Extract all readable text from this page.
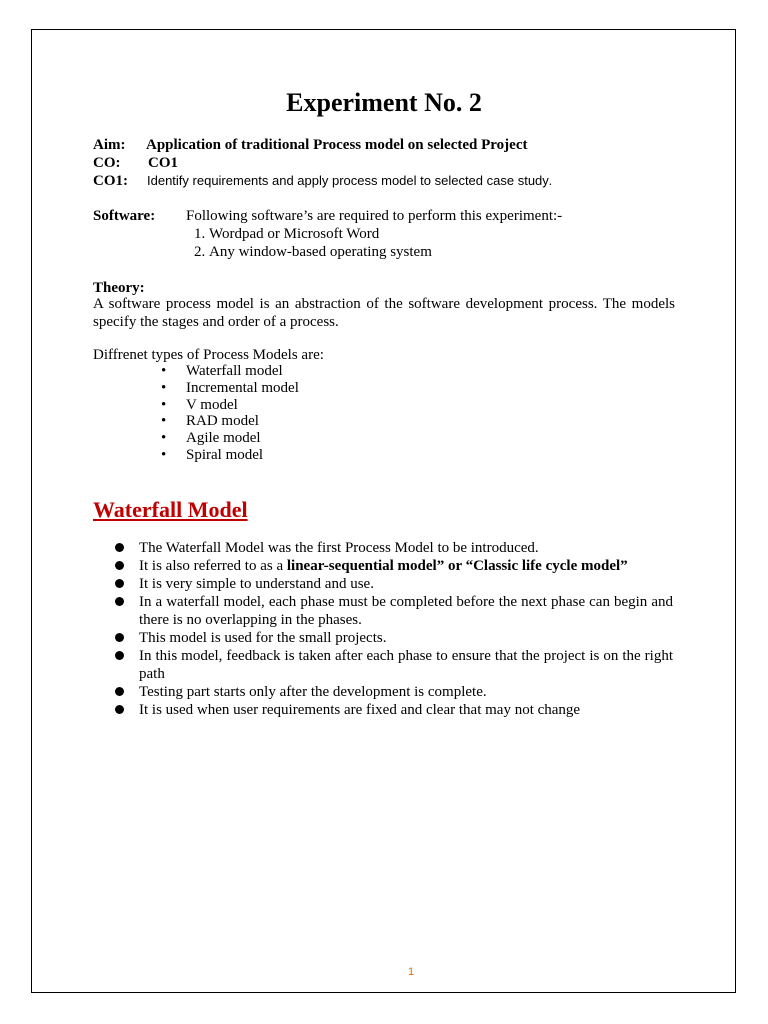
Experiment No. 2
Aim: Application of traditional Process model on selected Project
CO: CO1
CO1: Identify requirements and apply process model to selected case study.
Software: Following software’s are required to perform this experiment:-
1. Wordpad or Microsoft Word
2. Any window-based operating system
Theory:
A software process model is an abstraction of the software development process. The models specify the stages and order of a process.
Diffrenet types of Process Models are:
• Waterfall model
• Incremental model
• V model
• RAD model
• Agile model
• Spiral model
Waterfall Model
The Waterfall Model was the first Process Model to be introduced.
It is also referred to as a linear-sequential model” or “Classic life cycle model”
It is very simple to understand and use.
In a waterfall model, each phase must be completed before the next phase can begin and there is no overlapping in the phases.
This model is used for the small projects.
In this model, feedback is taken after each phase to ensure that the project is on the right path
Testing part starts only after the development is complete.
It is used when user requirements are fixed and clear that may not change
1
